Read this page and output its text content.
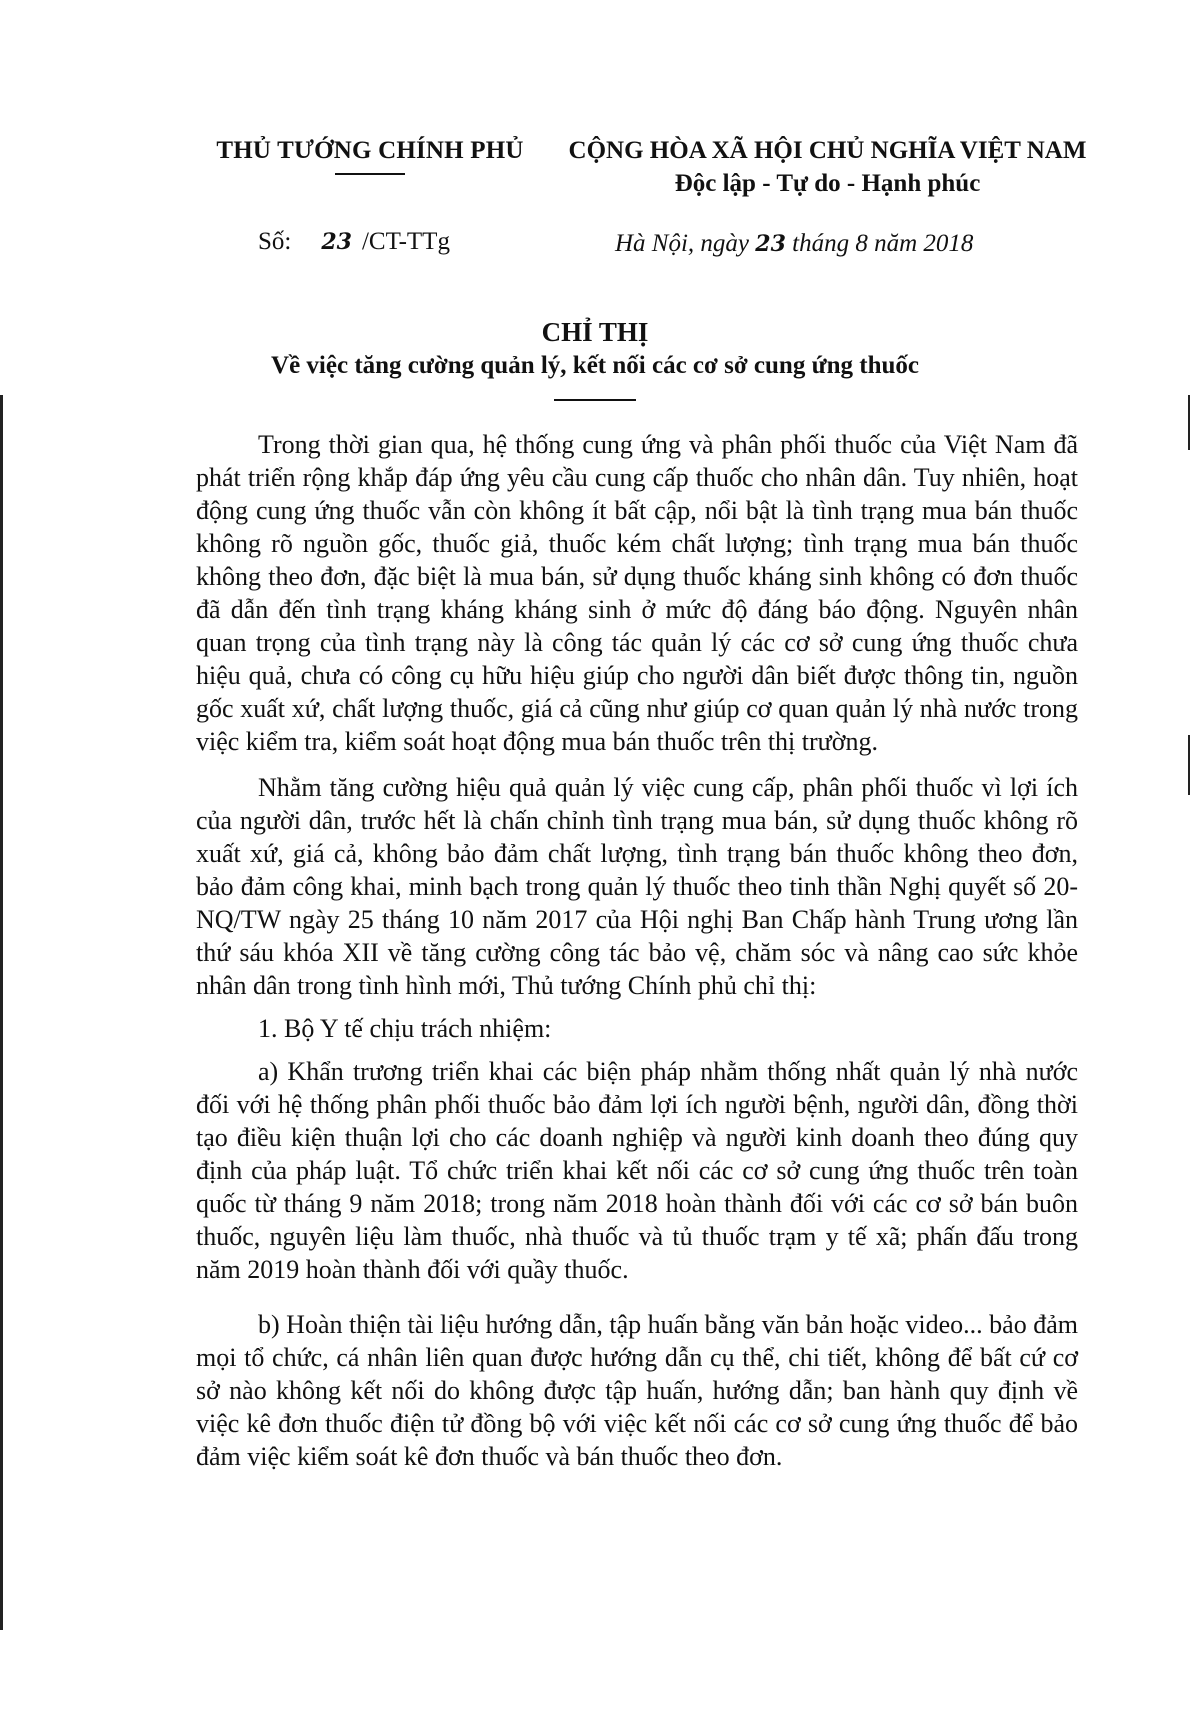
THỦ TƯỚNG CHÍNH PHỦ	CỘNG HÒA XÃ HỘI CHỦ NGHĨA VIỆT NAM
Độc lập - Tự do - Hạnh phúc
Số: 23 /CT-TTg	Hà Nội, ngày 23 tháng 8 năm 2018
CHỈ THỊ
Về việc tăng cường quản lý, kết nối các cơ sở cung ứng thuốc

Trong thời gian qua, hệ thống cung ứng và phân phối thuốc của Việt Nam đã phát triển rộng khắp đáp ứng yêu cầu cung cấp thuốc cho nhân dân. Tuy nhiên, hoạt động cung ứng thuốc vẫn còn không ít bất cập, nổi bật là tình trạng mua bán thuốc không rõ nguồn gốc, thuốc giả, thuốc kém chất lượng; tình trạng mua bán thuốc không theo đơn, đặc biệt là mua bán, sử dụng thuốc kháng sinh không có đơn thuốc đã dẫn đến tình trạng kháng kháng sinh ở mức độ đáng báo động. Nguyên nhân quan trọng của tình trạng này là công tác quản lý các cơ sở cung ứng thuốc chưa hiệu quả, chưa có công cụ hữu hiệu giúp cho người dân biết được thông tin, nguồn gốc xuất xứ, chất lượng thuốc, giá cả cũng như giúp cơ quan quản lý nhà nước trong việc kiểm tra, kiểm soát hoạt động mua bán thuốc trên thị trường.

Nhằm tăng cường hiệu quả quản lý việc cung cấp, phân phối thuốc vì lợi ích của người dân, trước hết là chấn chỉnh tình trạng mua bán, sử dụng thuốc không rõ xuất xứ, giá cả, không bảo đảm chất lượng, tình trạng bán thuốc không theo đơn, bảo đảm công khai, minh bạch trong quản lý thuốc theo tinh thần Nghị quyết số 20-NQ/TW ngày 25 tháng 10 năm 2017 của Hội nghị Ban Chấp hành Trung ương lần thứ sáu khóa XII về tăng cường công tác bảo vệ, chăm sóc và nâng cao sức khỏe nhân dân trong tình hình mới, Thủ tướng Chính phủ chỉ thị:

1. Bộ Y tế chịu trách nhiệm:

a) Khẩn trương triển khai các biện pháp nhằm thống nhất quản lý nhà nước đối với hệ thống phân phối thuốc bảo đảm lợi ích người bệnh, người dân, đồng thời tạo điều kiện thuận lợi cho các doanh nghiệp và người kinh doanh theo đúng quy định của pháp luật. Tổ chức triển khai kết nối các cơ sở cung ứng thuốc trên toàn quốc từ tháng 9 năm 2018; trong năm 2018 hoàn thành đối với các cơ sở bán buôn thuốc, nguyên liệu làm thuốc, nhà thuốc và tủ thuốc trạm y tế xã; phấn đấu trong năm 2019 hoàn thành đối với quầy thuốc.

b) Hoàn thiện tài liệu hướng dẫn, tập huấn bằng văn bản hoặc video... bảo đảm mọi tổ chức, cá nhân liên quan được hướng dẫn cụ thể, chi tiết, không để bất cứ cơ sở nào không kết nối do không được tập huấn, hướng dẫn; ban hành quy định về việc kê đơn thuốc điện tử đồng bộ với việc kết nối các cơ sở cung ứng thuốc để bảo đảm việc kiểm soát kê đơn thuốc và bán thuốc theo đơn.
